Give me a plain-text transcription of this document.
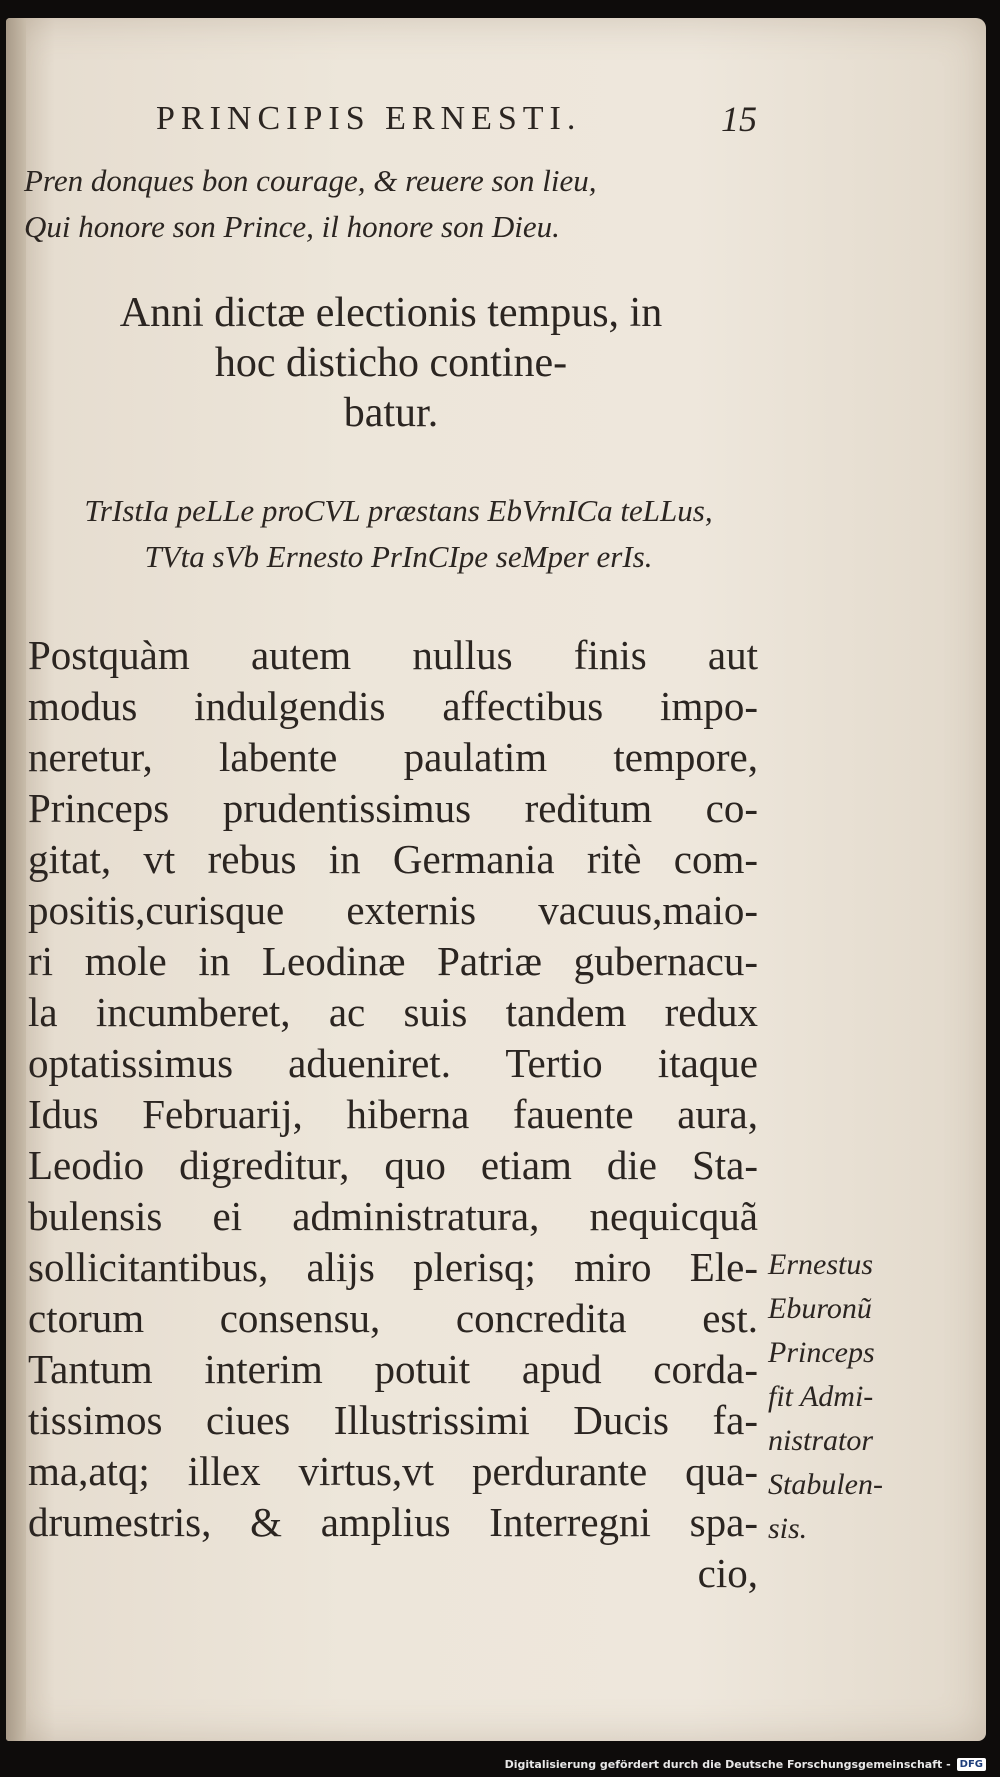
PRINCIPIS ERNESTI.	15
Pren donques bon courage, & reuere son lieu,
Qui honore son Prince, il honore son Dieu.
Anni dictæ electionis tempus, in
hoc disticho contine-
batur.
TrIstIa peLLe proCVL præstans EbVrnICa teLLus,
TVta sVb Ernesto PrInCIpe seMper erIs.
Postquàm autem nullus finis aut
modus indulgendis affectibus impo-
neretur, labente paulatim tempore,
Princeps prudentissimus reditum co-
gitat, vt rebus in Germania ritè com-
positis,curisque externis vacuus,maio-
ri mole in Leodinæ Patriæ gubernacu-
la incumberet, ac suis tandem redux
optatissimus adueniret. Tertio itaque
Idus Februarij, hiberna fauente aura,
Leodio digreditur, quo etiam die Sta-
bulensis ei administratura, nequicquã
sollicitantibus, alijs plerisq; miro Ele-
ctorum consensu, concredita est.
Tantum interim potuit apud corda-
tissimos ciues Illustrissimi Ducis fa-
ma,atq; illex virtus,vt perdurante qua-
drumestris, & amplius Interregni spa-
cio,
Ernestus
Eburonũ
Princeps
fit Admi-
nistrator
Stabulen-
sis.
Digitalisierung gefördert durch die Deutsche Forschungsgemeinschaft - DFG
